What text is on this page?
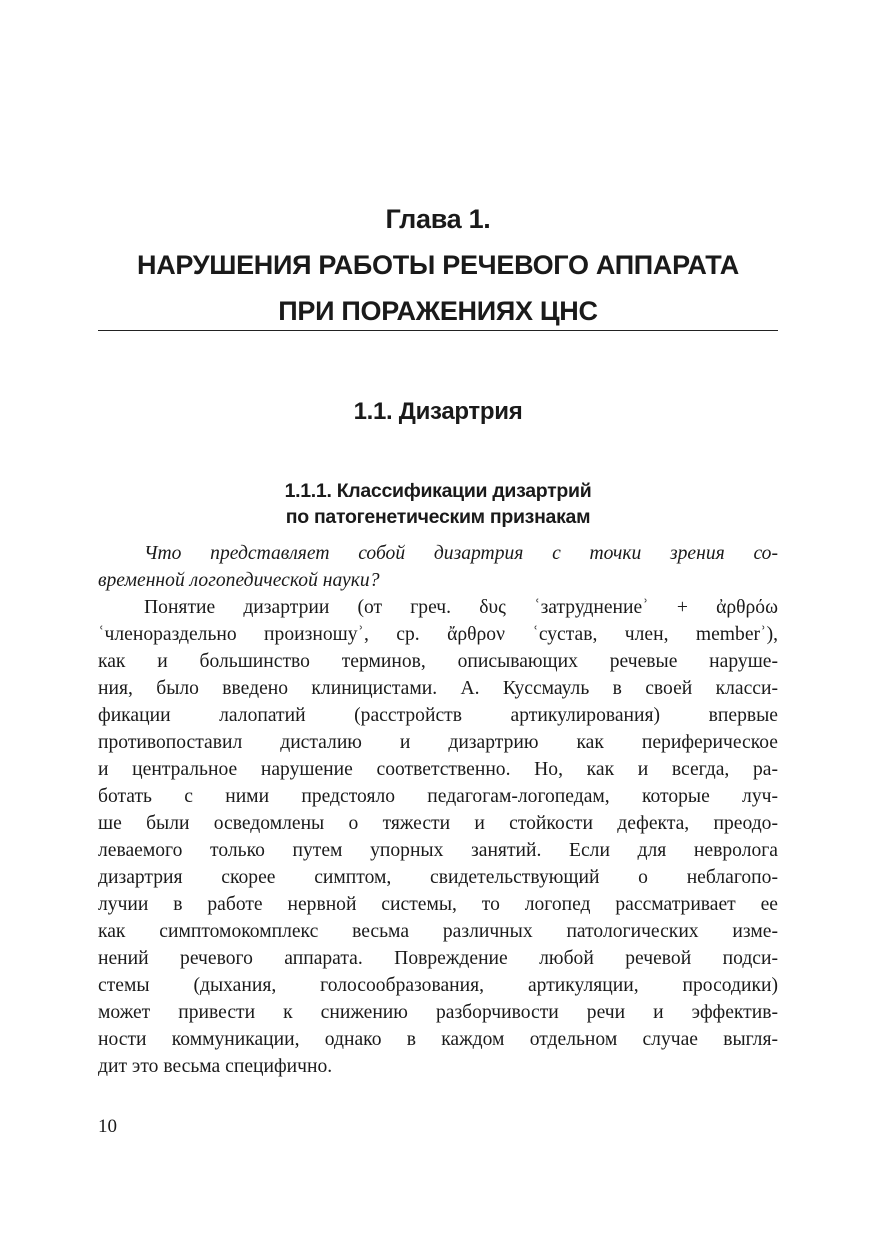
Глава 1.
НАРУШЕНИЯ РАБОТЫ РЕЧЕВОГО АППАРАТА
ПРИ ПОРАЖЕНИЯХ ЦНС
1.1. Дизартрия
1.1.1. Классификации дизартрий
по патогенетическим признакам
Что представляет собой дизартрия с точки зрения со-
временной логопедической науки?
Понятие дизартрии (от греч. δυς ʿзатруднениеʾ + ἀρθρόω
ʿчленораздельно произношуʾ, ср. ἄρθρον ʿсустав, член, memberʾ),
как и большинство терминов, описывающих речевые наруше-
ния, было введено клиницистами. А. Куссмауль в своей класси-
фикации лалопатий (расстройств артикулирования) впервые
противопоставил дисталию и дизартрию как периферическое
и центральное нарушение соответственно. Но, как и всегда, ра-
ботать с ними предстояло педагогам-логопедам, которые луч-
ше были осведомлены о тяжести и стойкости дефекта, преодо-
леваемого только путем упорных занятий. Если для невролога
дизартрия скорее симптом, свидетельствующий о неблагопо-
лучии в работе нервной системы, то логопед рассматривает ее
как симптомокомплекс весьма различных патологических изме-
нений речевого аппарата. Повреждение любой речевой подси-
стемы (дыхания, голосообразования, артикуляции, просодики)
может привести к снижению разборчивости речи и эффектив-
ности коммуникации, однако в каждом отдельном случае выгля-
дит это весьма специфично.
10
